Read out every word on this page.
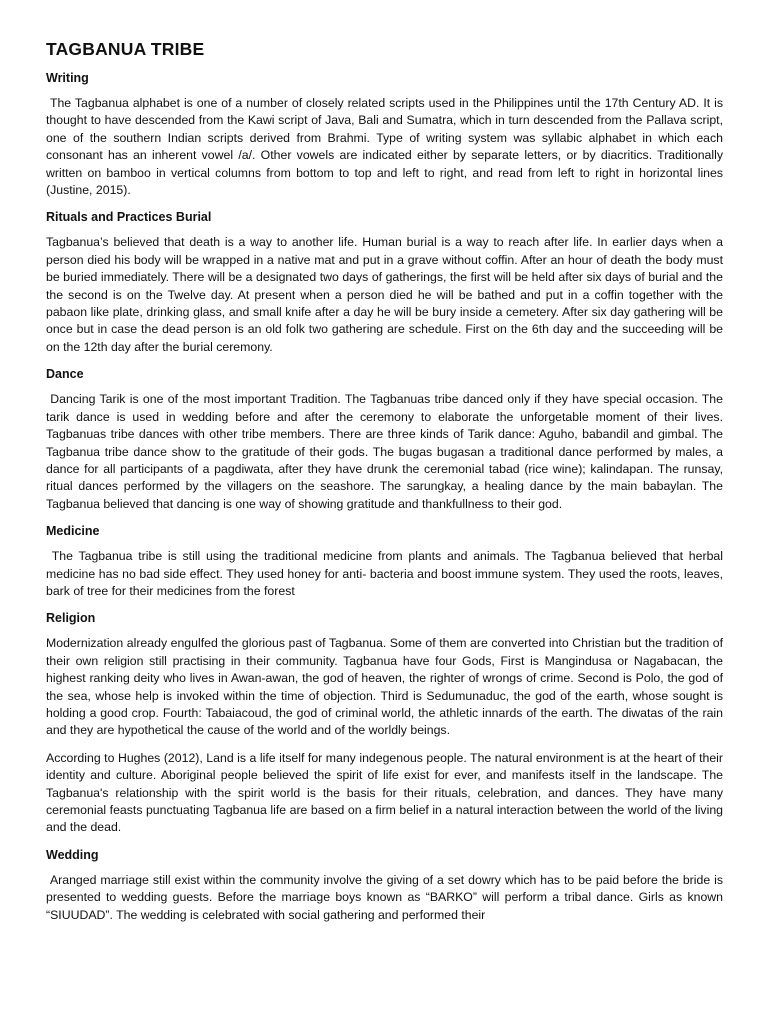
TAGBANUA TRIBE
Writing

The Tagbanua alphabet is one of a number of closely related scripts used in the Philippines until the 17th Century AD. It is thought to have descended from the Kawi script of Java, Bali and Sumatra, which in turn descended from the Pallava script, one of the southern Indian scripts derived from Brahmi. Type of writing system was syllabic alphabet in which each consonant has an inherent vowel /a/. Other vowels are indicated either by separate letters, or by diacritics. Traditionally written on bamboo in vertical columns from bottom to top and left to right, and read from left to right in horizontal lines (Justine, 2015).

Rituals and Practices Burial

Tagbanua’s believed that death is a way to another life. Human burial is a way to reach after life. In earlier days when a person died his body will be wrapped in a native mat and put in a grave without coffin. After an hour of death the body must be buried immediately. There will be a designated two days of gatherings, the first will be held after six days of burial and the the second is on the Twelve day. At present when a person died he will be bathed and put in a coffin together with the pabaon like plate, drinking glass, and small knife after a day he will be bury inside a cemetery. After six day gathering will be once but in case the dead person is an old folk two gathering are schedule. First on the 6th day and the succeeding will be on the 12th day after the burial ceremony.

Dance

Dancing Tarik is one of the most important Tradition. The Tagbanuas tribe danced only if they have special occasion. The tarik dance is used in wedding before and after the ceremony to elaborate the unforgetable moment of their lives. Tagbanuas tribe dances with other tribe members. There are three kinds of Tarik dance: Aguho, babandil and gimbal. The Tagbanua tribe dance show to the gratitude of their gods. The bugas bugasan a traditional dance performed by males, a dance for all participants of a pagdiwata, after they have drunk the ceremonial tabad (rice wine); kalindapan. The runsay, ritual dances performed by the villagers on the seashore. The sarungkay, a healing dance by the main babaylan. The Tagbanua believed that dancing is one way of showing gratitude and thankfullness to their god.

Medicine

The Tagbanua tribe is still using the traditional medicine from plants and animals. The Tagbanua believed that herbal medicine has no bad side effect. They used honey for anti- bacteria and boost immune system. They used the roots, leaves, bark of tree for their medicines from the forest

Religion

Modernization already engulfed the glorious past of Tagbanua. Some of them are converted into Christian but the tradition of their own religion still practising in their community. Tagbanua have four Gods, First is Mangindusa or Nagabacan, the highest ranking deity who lives in Awan-awan, the god of heaven, the righter of wrongs of crime. Second is Polo, the god of the sea, whose help is invoked within the time of objection. Third is Sedumunaduc, the god of the earth, whose sought is holding a good crop. Fourth: Tabaiacoud, the god of criminal world, the athletic innards of the earth. The diwatas of the rain and they are hypothetical the cause of the world and of the worldly beings.

According to Hughes (2012), Land is a life itself for many indegenous people. The natural environment is at the heart of their identity and culture. Aboriginal people believed the spirit of life exist for ever, and manifests itself in the landscape. The Tagbanua's relationship with the spirit world is the basis for their rituals, celebration, and dances. They have many ceremonial feasts punctuating Tagbanua life are based on a firm belief in a natural interaction between the world of the living and the dead.

Wedding

Aranged marriage still exist within the community involve the giving of a set dowry which has to be paid before the bride is presented to wedding guests. Before the marriage boys known as “BARKO” will perform a tribal dance. Girls as known “SIUUDAD”. The wedding is celebrated with social gathering and performed their
